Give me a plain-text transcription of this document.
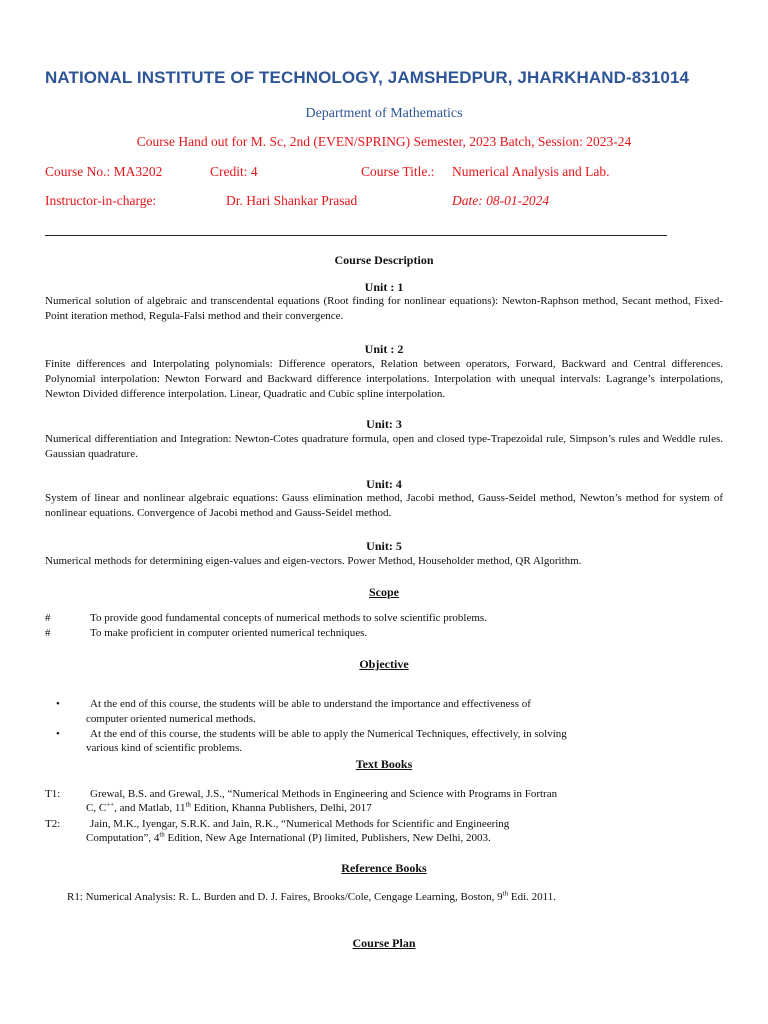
NATIONAL INSTITUTE OF TECHNOLOGY, JAMSHEDPUR, JHARKHAND-831014
Department of Mathematics
Course Hand out for M. Sc, 2nd (EVEN/SPRING) Semester, 2023 Batch, Session: 2023-24
Course No.: MA3202	Credit: 4	Course Title.: Numerical Analysis and Lab.
Instructor-in-charge:	Dr. Hari Shankar Prasad	Date: 08-01-2024
Course Description
Unit : 1
Numerical solution of algebraic and transcendental equations (Root finding for nonlinear equations): Newton-Raphson method, Secant method, Fixed-Point iteration method, Regula-Falsi method and their convergence.
Unit : 2
Finite differences and Interpolating polynomials: Difference operators, Relation between operators, Forward, Backward and Central differences. Polynomial interpolation: Newton Forward and Backward difference interpolations. Interpolation with unequal intervals: Lagrange’s interpolations, Newton Divided difference interpolation. Linear, Quadratic and Cubic spline interpolation.
Unit: 3
Numerical differentiation and Integration: Newton-Cotes quadrature formula, open and closed type-Trapezoidal rule, Simpson’s rules and Weddle rules. Gaussian quadrature.
Unit: 4
System of linear and nonlinear algebraic equations: Gauss elimination method, Jacobi method, Gauss-Seidel method, Newton’s method for system of nonlinear equations. Convergence of Jacobi method and Gauss-Seidel method.
Unit: 5
Numerical methods for determining eigen-values and eigen-vectors. Power Method, Householder method, QR Algorithm.
Scope
#	To provide good fundamental concepts of numerical methods to solve scientific problems.
#	To make proficient in computer oriented numerical techniques.
Objective
•	At the end of this course, the students will be able to understand the importance and effectiveness of
computer oriented numerical methods.
•	At the end of this course, the students will be able to apply the Numerical Techniques, effectively, in solving
various kind of scientific problems.
Text Books
T1:	Grewal, B.S. and Grewal, J.S., “Numerical Methods in Engineering and Science with Programs in Fortran
C, C++, and Matlab, 11th Edition, Khanna Publishers, Delhi, 2017
T2:	Jain, M.K., Iyengar, S.R.K. and Jain, R.K., “Numerical Methods for Scientific and Engineering
Computation”, 4th Edition, New Age International (P) limited, Publishers, New Delhi, 2003.
Reference Books
R1: Numerical Analysis: R. L. Burden and D. J. Faires, Brooks/Cole, Cengage Learning, Boston, 9th Edi. 2011.
Course Plan
